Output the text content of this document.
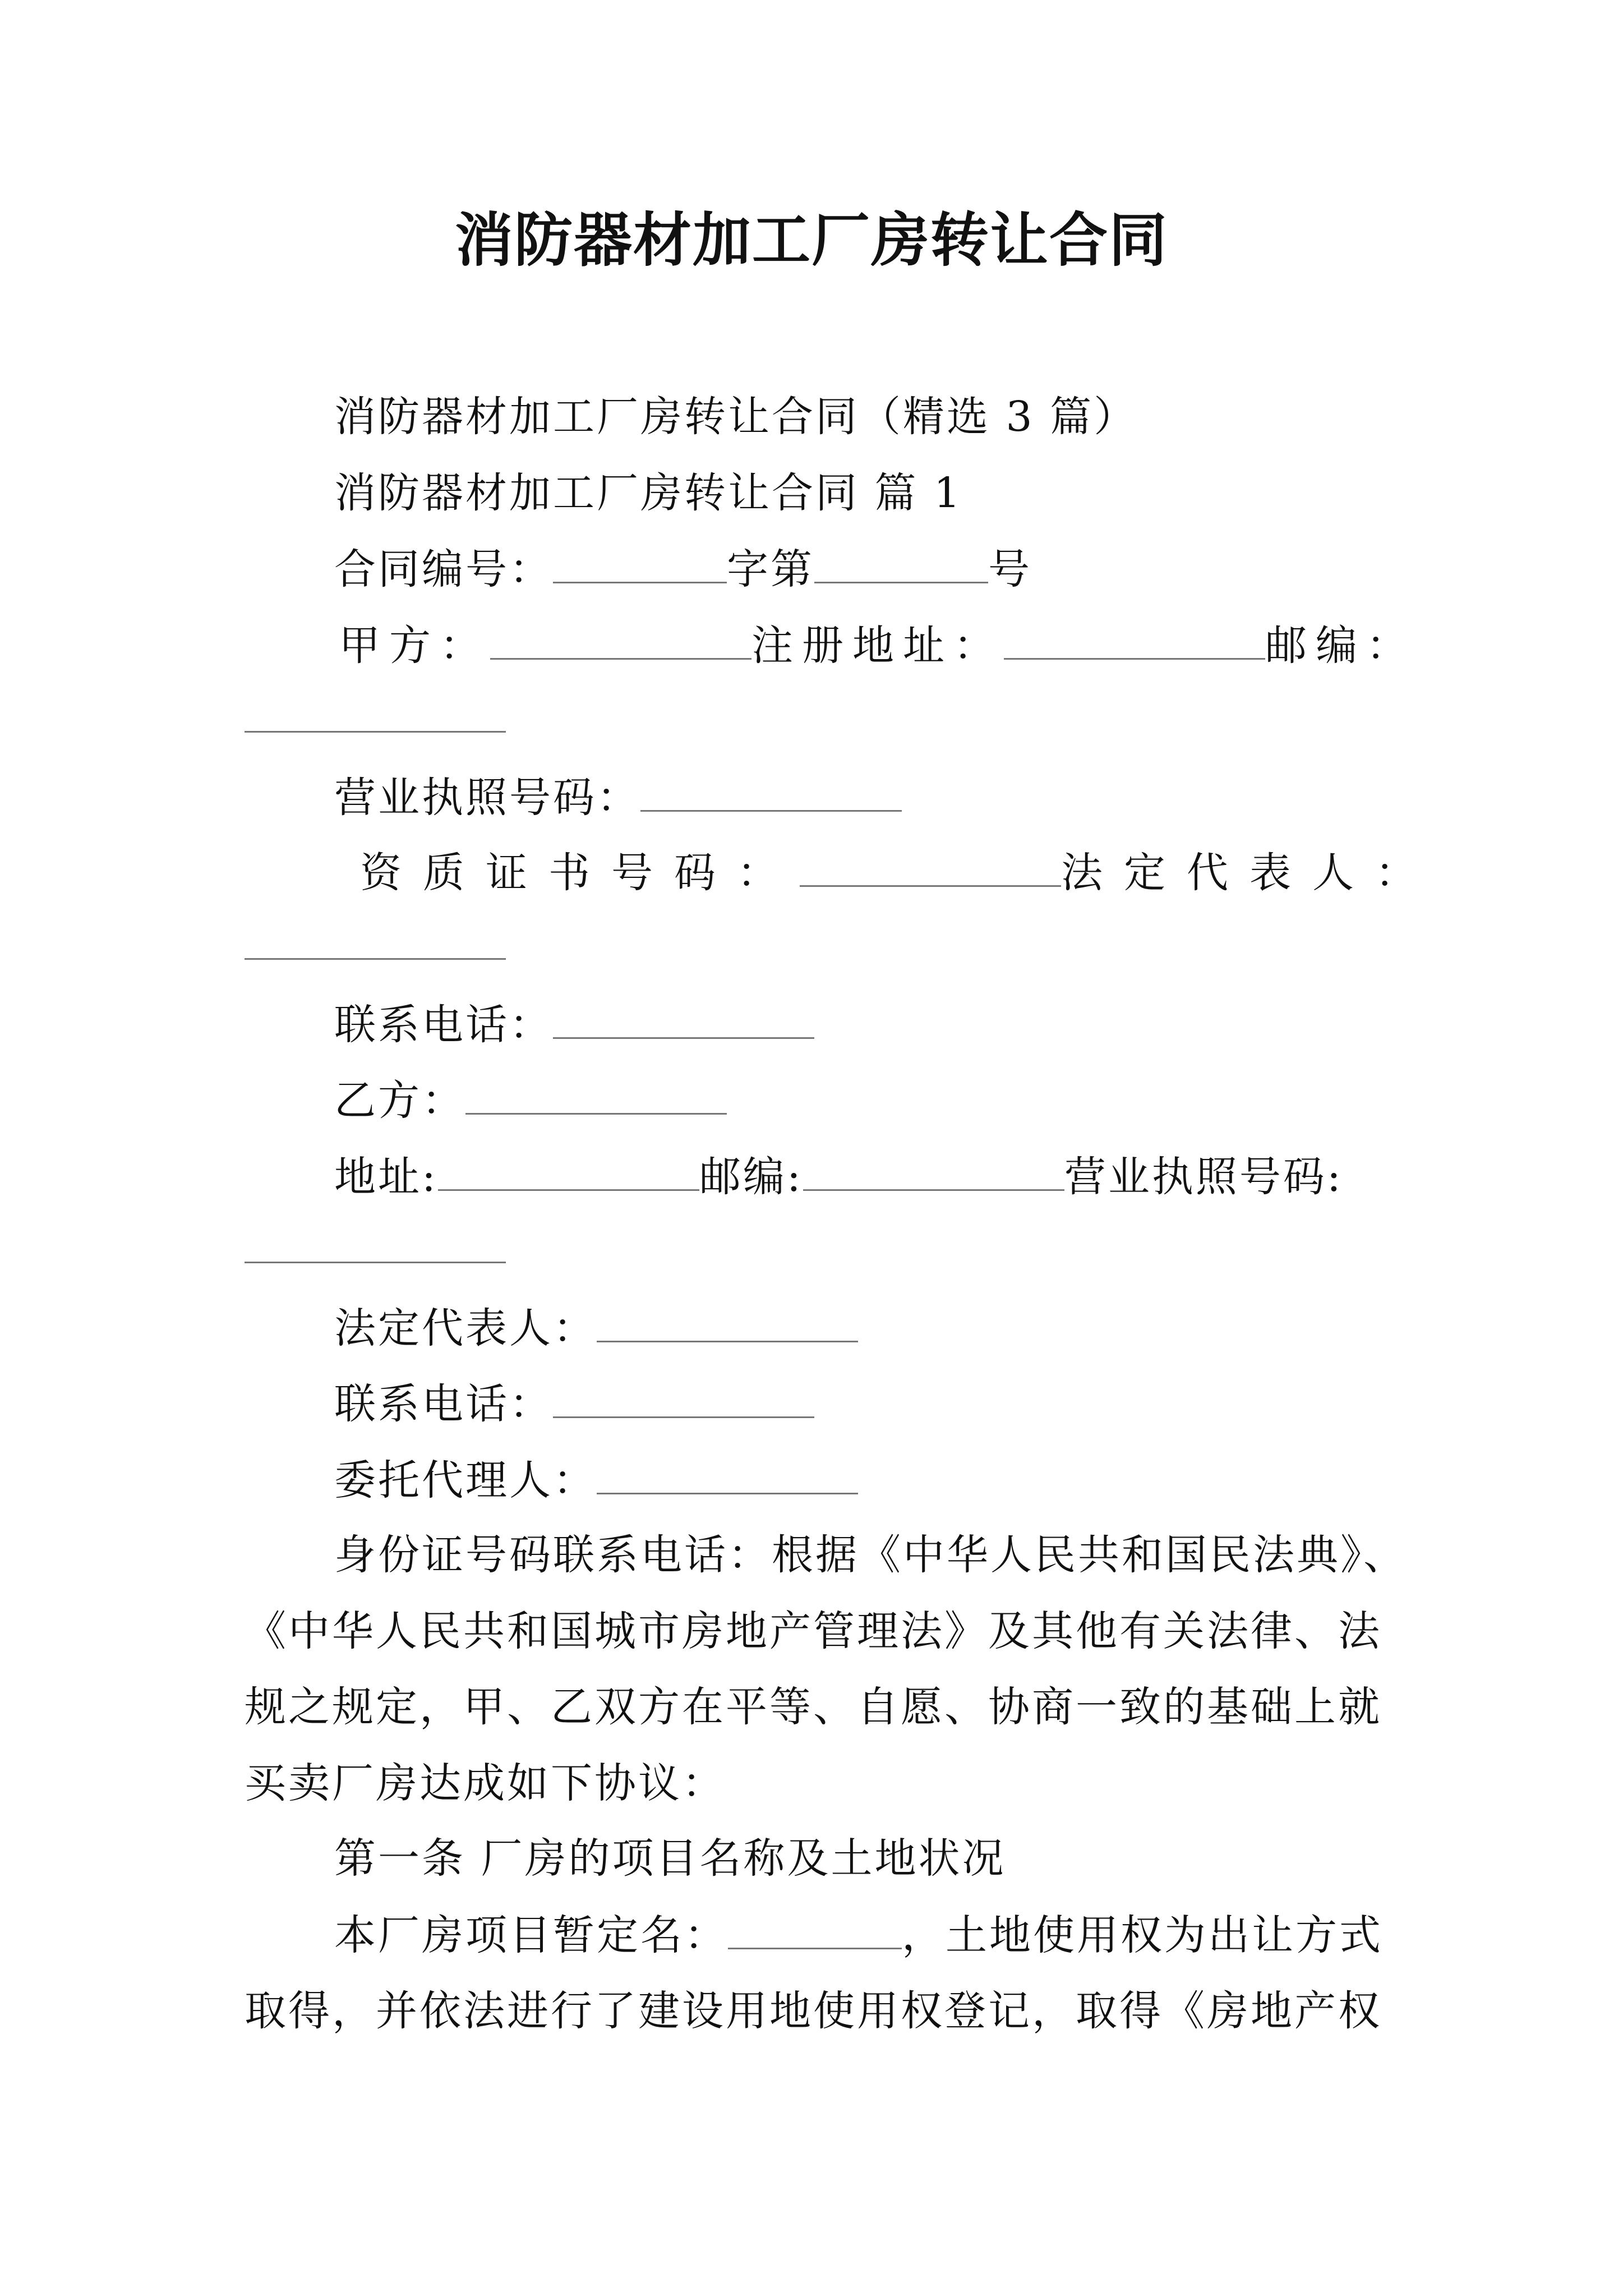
消防器材加工厂房转让合同
消防器材加工厂房转让合同（精选 3 篇）
消防器材加工厂房转让合同 篇 1
合同编号：	字第	号
甲方：	注册地址：	邮编：
营业执照号码：
资质证书号码：	法定代表人：
联系电话：
乙方：
地址:	邮编:	营业执照号码:
法定代表人：
联系电话：
委托代理人：
身份证号码联系电话：根据《中华人民共和国民法典》、
《中华人民共和国城市房地产管理法》及其他有关法律、法
规之规定，甲、乙双方在平等、自愿、协商一致的基础上就
买卖厂房达成如下协议：
第一条 厂房的项目名称及土地状况
本厂房项目暂定名：	，土地使用权为出让方式
取得，并依法进行了建设用地使用权登记，取得《房地产权
